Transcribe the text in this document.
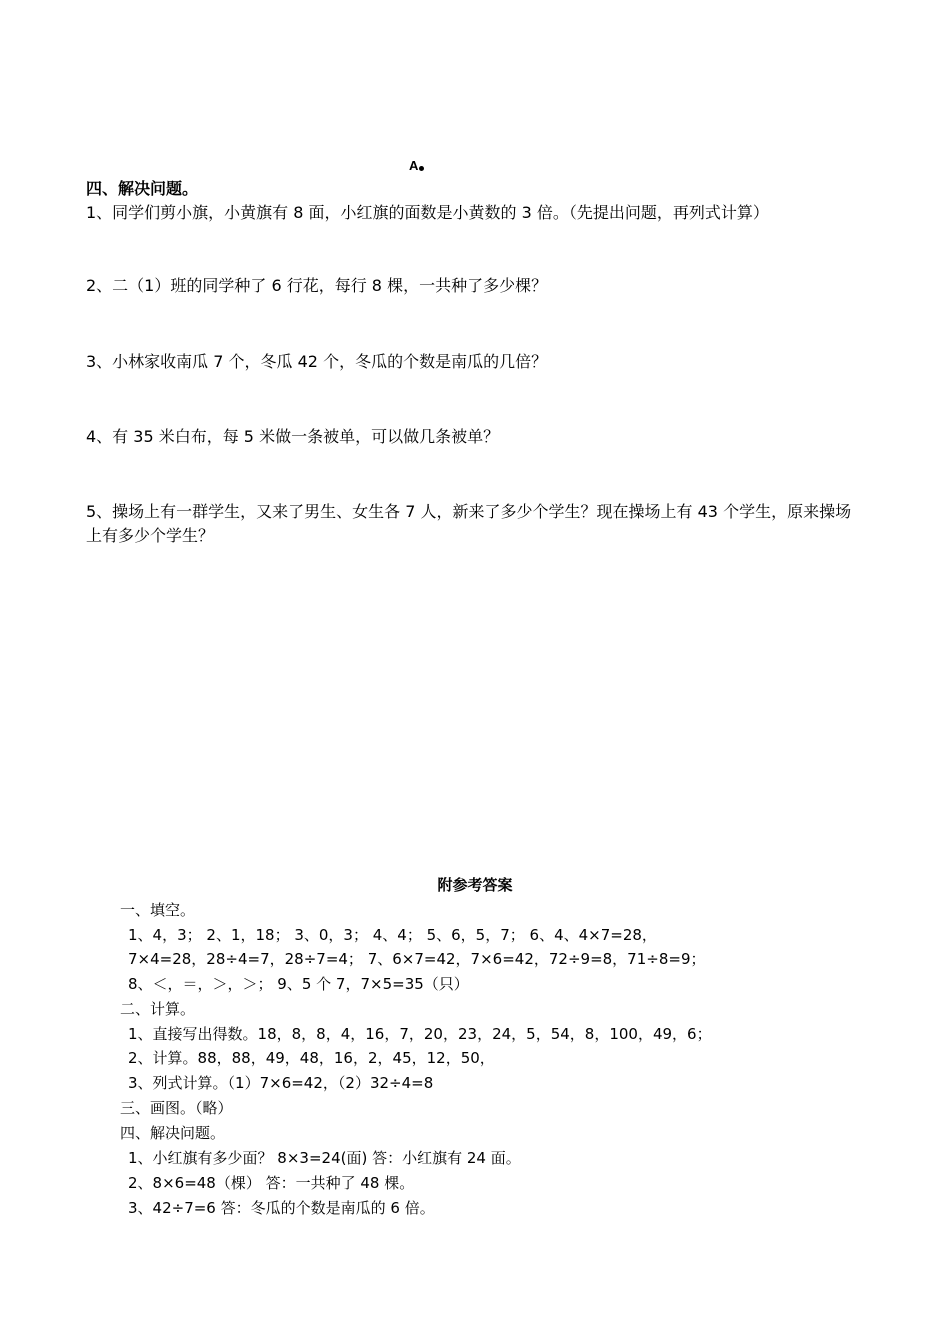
A
四、解决问题。
1、同学们剪小旗，小黄旗有 8 面，小红旗的面数是小黄数的 3 倍。（先提出问题，再列式计算）
2、二（1）班的同学种了 6 行花，每行 8 棵，一共种了多少棵？
3、小林家收南瓜 7 个，冬瓜 42 个，冬瓜的个数是南瓜的几倍？
4、有 35 米白布，每 5 米做一条被单，可以做几条被单？
5、操场上有一群学生，又来了男生、女生各 7 人，新来了多少个学生？现在操场上有 43 个学生，原来操场上有多少个学生？
附参考答案
一、填空。
1、4，3； 2、1，18； 3、0，3； 4、4； 5、6，5，7； 6、4、4×7=28，
7×4=28，28÷4=7，28÷7=4； 7、6×7=42，7×6=42，72÷9=8，71÷8=9；
8、＜，＝，＞，＞； 9、5 个 7，7×5=35（只）
二、计算。
1、直接写出得数。18，8，8，4，16，7，20，23，24，5，54，8，100，49，6；
2、计算。88，88，49，48，16，2，45，12，50，
3、列式计算。（1）7×6=42，（2）32÷4=8
三、画图。（略）
四、解决问题。
1、小红旗有多少面？ 8×3=24(面) 答：小红旗有 24 面。
2、8×6=48（棵） 答：一共种了 48 棵。
3、42÷7=6 答：冬瓜的个数是南瓜的 6 倍。
